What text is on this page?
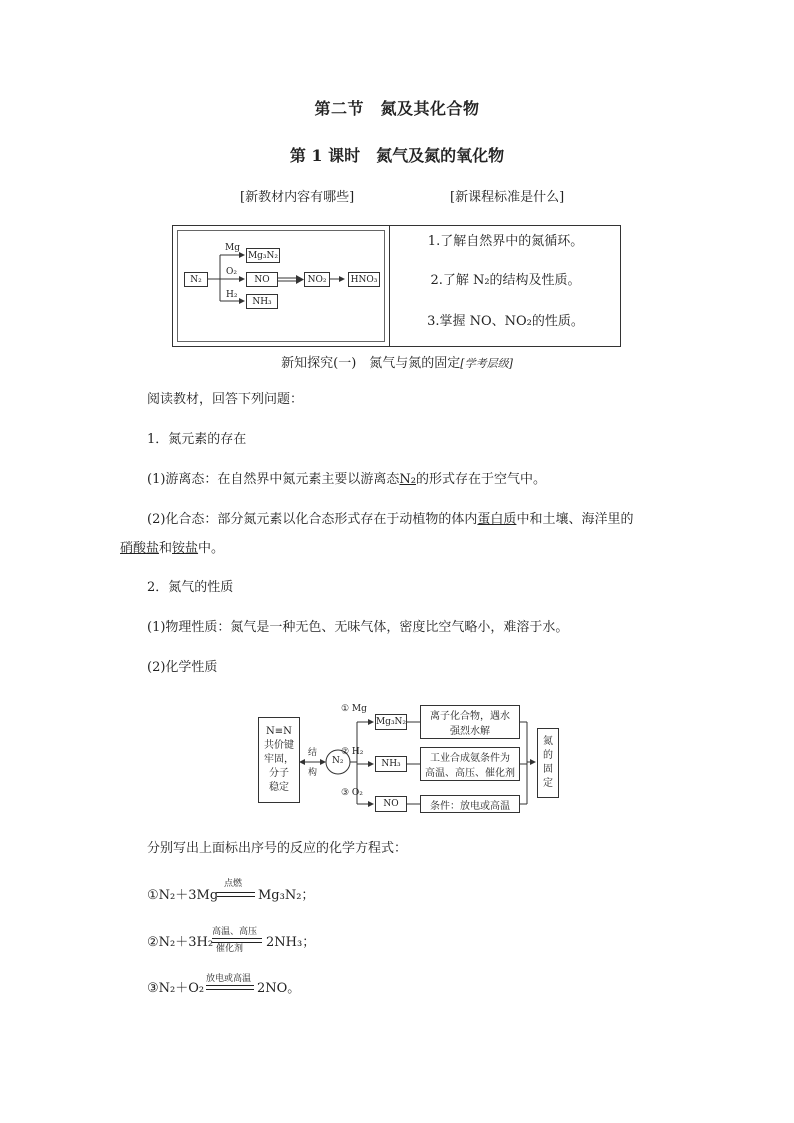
第二节　氮及其化合物
第 1 课时　氮气及氮的氧化物
[新教材内容有哪些]	[新课程标准是什么]
N₂
Mg
O₂
H₂
Mg₃N₂
NO	NO₂	HNO₃
NH₃
1.了解自然界中的氮循环。
2.了解 N₂的结构及性质。
3.掌握 NO、NO₂的性质。
新知探究(一)　氮气与氮的固定[学考层级]
阅读教材，回答下列问题：
1．氮元素的存在
(1)游离态：在自然界中氮元素主要以游离态N₂的形式存在于空气中。
(2)化合态：部分氮元素以化合态形式存在于动植物的体内蛋白质中和土壤、海洋里的
硝酸盐和铵盐中。
2．氮气的性质
(1)物理性质：氮气是一种无色、无味气体，密度比空气略小，难溶于水。
(2)化学性质
N≡N
共价键
牢固，
分子
稳定
结
构
N₂
① Mg
② H₂
③ O₂
Mg₃N₂
NH₃
NO
离子化合物，遇水
强烈水解
工业合成氨条件为
高温、高压、催化剂
条件：放电或高温
氮
的
固
定
分别写出上面标出序号的反应的化学方程式：
①N₂＋3Mg
点燃
Mg₃N₂；
②N₂＋3H₂
高温、高压
催化剂 2NH₃；
③N₂＋O₂
放电或高温
2NO。
